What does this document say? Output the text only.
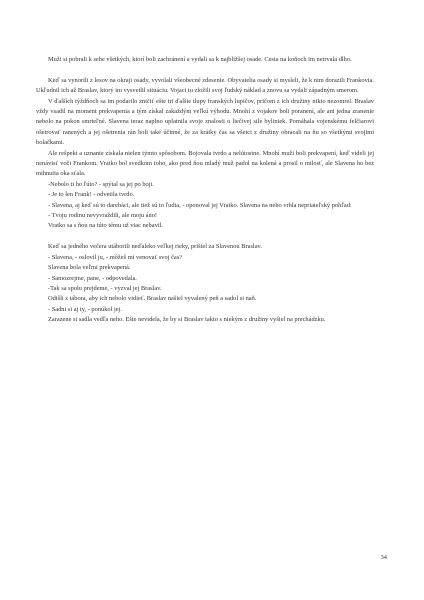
Muži si pobrali k sebe všetkých, ktorí boli zachránení a vydali sa k najbližšej osade. Cesta na koňoch im netrvala dlho.

Keď sa vynorili z lesov na okraji osady, vyvolali všeobecné zdesenie. Obyvatelia osady si mysleli, že k nim dorazili Frankovia. Ukľudnil ich až Braslav, ktorý im vysvetlil situáciu. Vojaci tu zložili svoj ľudský náklad a znovu sa vydali západným smerom.

V ďalších týždňoch sa im podarilo zničiť ešte tri ďalšie tlupy franských lupičov, pričom z ich družiny nikto nezomrel. Braslav vždy vsadil na moment prekvapenia a tým získal zakaždým veľkú výhodu. Mnohí z vojakov boli poranení, ale ani jedna zranenie nebolo na pokon smrteľné. Slavena teraz naplno uplatnila svoje znalosti o liečivej sile byliniek. Pomáhala vojenskému felčiarovi ošetrovať ranených a jej ošetrenia rán boli také účinné, že za krátky čas sa všetci z družiny obracali na ňu so všetkými svojimi bolačkami.

Ale rešpekt a uznanie získala nielen týmto spôsobom. Bojovala tvrdo a nelútostne. Mnohí muži boli prekvapení, keď videli jej nenávisť voči Frankom. Vratko bol svedkom toho, ako pred ňou mladý muž padol na kolená a prosil o milosť, ale Slavena ho bez mihnutia oka sťala.

-Nebolo ti ho ľúto? - spýtal sa jej po boji.

- Je to len Frank! - odvetila tvrdo.

- Slavena, aj keď sú to darebáci, ale tiež sú to ľudia, - oponoval jej Vratko. Slavena na neho vrhla nepriateľský pohľad:

- Tvoju rodinu nevyvraždili, ale moju áno!

Vratko sa s ňou na túto tému už viac nebavil.

Keď sa jedného večera utáborili neďaleko veľkej rieky, prišiel za Slavenou Braslav.

- Slavena, - oslovil ju, - môžeš mi venovať svoj čas?

Slavena bola veľmi prekvapená.

- Samozrejme, pane, - odpovedala.

-Tak sa spolu prejdeme, - vyzval jej Braslav.

Odišli z tábora, aby ich nebolo vidieť. Braslav našiel vyvalený peň a sadol si naň.

- Sadni si aj ty, - ponúkol jej.

Zarazene si sadla vedľa neho. Ešte nevidela, že by si Braslav takto s niekým z družiny vyšiel na prechádzku.

34
